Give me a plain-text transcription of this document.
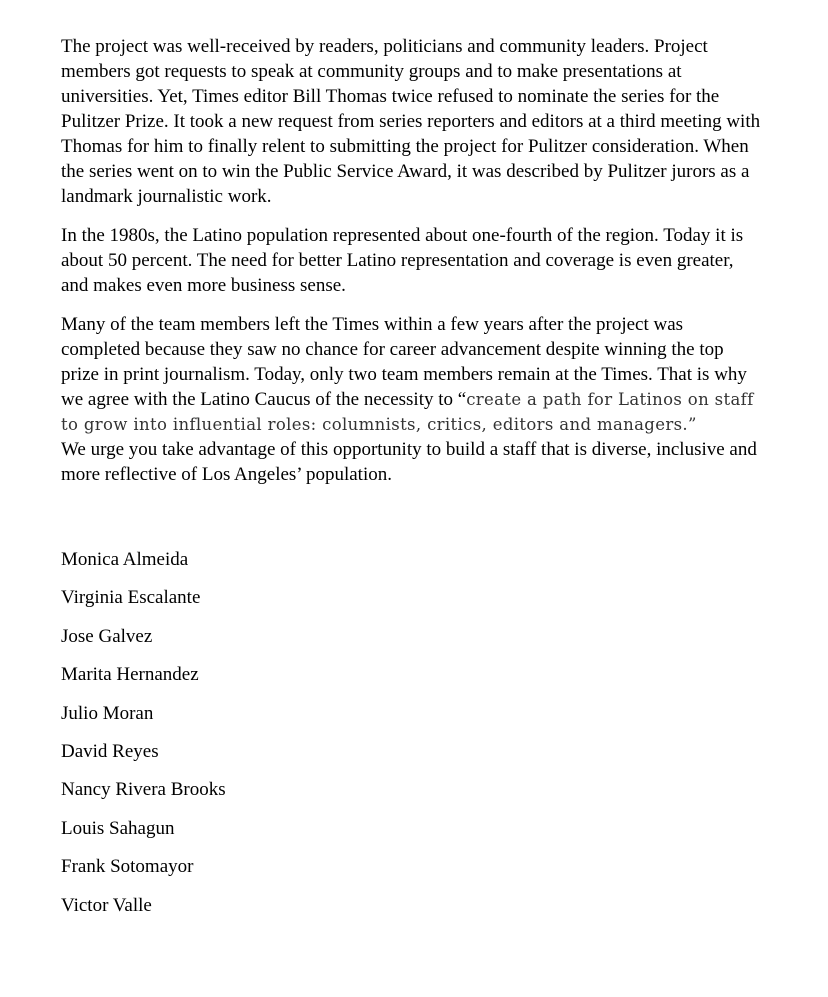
The project was well-received by readers, politicians and community leaders. Project members got requests to speak at community groups and to make presentations at universities. Yet, Times editor Bill Thomas twice refused to nominate the series for the Pulitzer Prize. It took a new request from series reporters and editors at a third meeting with Thomas for him to finally relent to submitting the project for Pulitzer consideration. When the series went on to win the Public Service Award, it was described by Pulitzer jurors as a landmark journalistic work.

In the 1980s, the Latino population represented about one-fourth of the region. Today it is about 50 percent. The need for better Latino representation and coverage is even greater, and makes even more business sense.

Many of the team members left the Times within a few years after the project was completed because they saw no chance for career advancement despite winning the top prize in print journalism. Today, only two team members remain at the Times. That is why we agree with the Latino Caucus of the necessity to “create a path for Latinos on staff to grow into influential roles: columnists, critics, editors and managers.”

We urge you take advantage of this opportunity to build a staff that is diverse, inclusive and more reflective of Los Angeles’ population.

Monica Almeida
Virginia Escalante
Jose Galvez
Marita Hernandez
Julio Moran
David Reyes
Nancy Rivera Brooks
Louis Sahagun
Frank Sotomayor
Victor Valle
